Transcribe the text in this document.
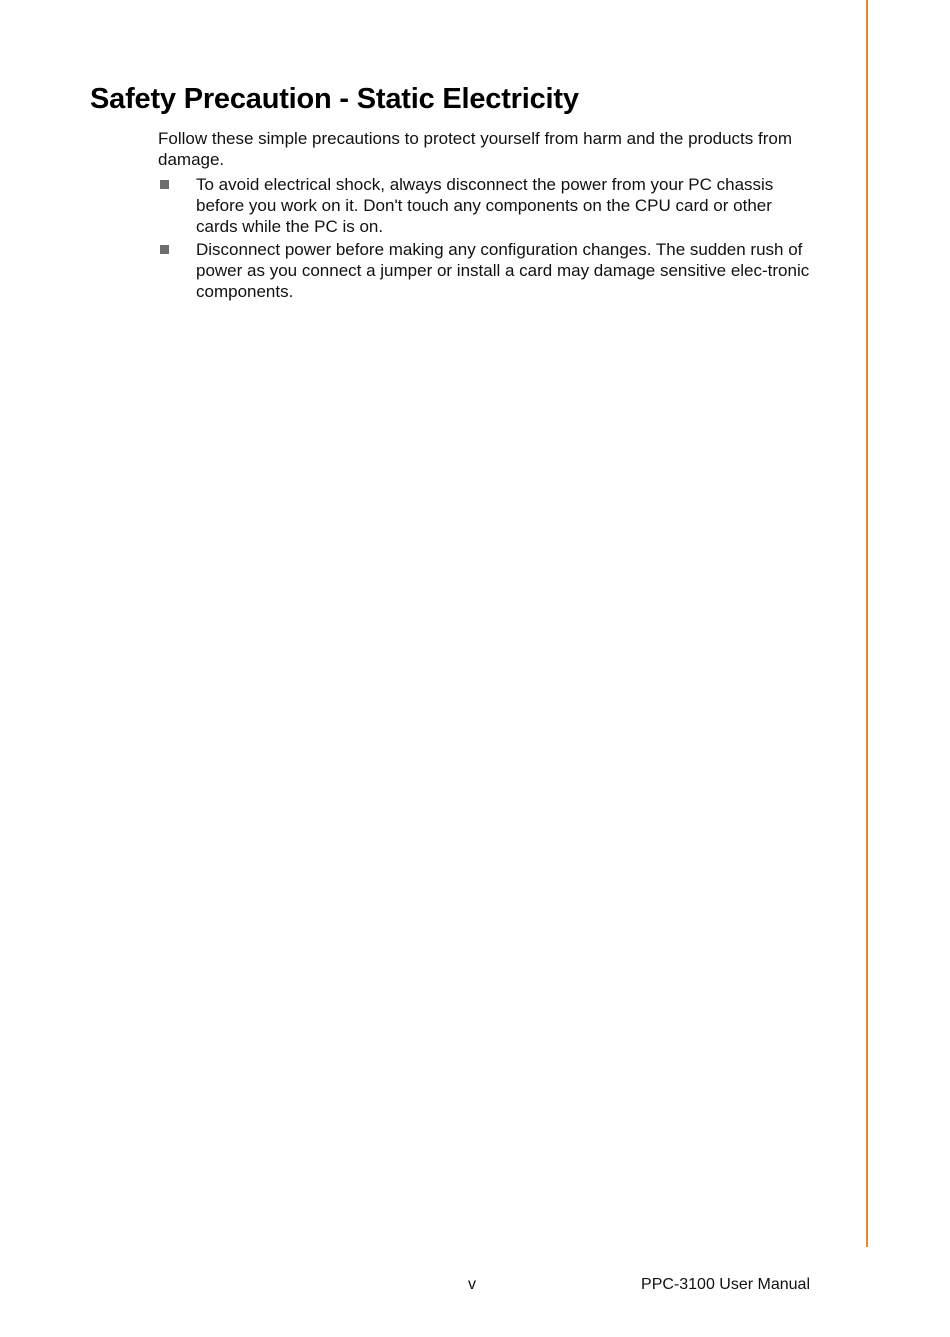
Safety Precaution - Static Electricity

Follow these simple precautions to protect yourself from harm and the products from damage.

To avoid electrical shock, always disconnect the power from your PC chassis before you work on it. Don't touch any components on the CPU card or other cards while the PC is on.
Disconnect power before making any configuration changes. The sudden rush of power as you connect a jumper or install a card may damage sensitive elec-tronic components.
v	PPC-3100 User Manual
